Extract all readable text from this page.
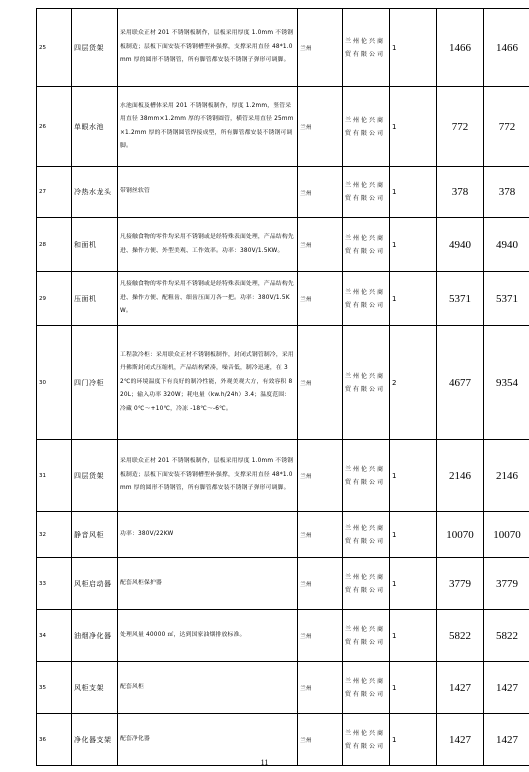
25	四层货架	采用联众正材 201 不锈钢板制作，层板采用厚度 1.0mm 不锈钢板制造；层板下面安装不锈钢槽型补强撑，支撑采用直径 48*1.0mm 厚的圆形不锈钢管，所有脚管都安装不锈钢子弹形可调脚。	兰州	兰州伦兴商贸有限公司	1	1466	1466
26	单眼水池	水池面板及槽体采用 201 不锈钢板制作，厚度 1.2mm，竖管采用直径 38mm×1.2mm 厚的不锈钢圆管，横管采用直径 25mm×1.2mm 厚的不锈钢圆管焊接成型，所有脚管都安装不锈钢可调脚。	兰州	兰州伦兴商贸有限公司	1	772	772
27	冷热水龙头	带钢丝软管	兰州	兰州伦兴商贸有限公司	1	378	378
28	和面机	凡接触食物的零件均采用不锈钢或是经特殊表面处理，产品结构先进、操作方便、外型美观、工作效率。功率：380V/1.5KW。	兰州	兰州伦兴商贸有限公司	1	4940	4940
29	压面机	凡接触食物的零件均采用不锈钢或是经特殊表面处理，产品结构先进、操作方便、配粗齿、细齿压面刀各一把。功率：380V/1.5KW。	兰州	兰州伦兴商贸有限公司	1	5371	5371
30	四门冷柜	工程款冷柜：采用联众正材不锈钢板制作，封闭式钢管制冷，采用丹佛斯封闭式压缩机，产品结构紧凑，噪音低，制冷迅速，在 32℃的环境温度下有良好的制冷性能，外观美观大方，有效容积 820L；输入功率 320W；耗电量（kw.h/24h）3.4；温度范围：冷藏 0℃～+10℃，冷冻 -18℃～-6℃。	兰州	兰州伦兴商贸有限公司	2	4677	9354
31	四层货架	采用联众正材 201 不锈钢板制作，层板采用厚度 1.0mm 不锈钢板制造；层板下面安装不锈钢槽型补强撑，支撑采用直径 48*1.0mm 厚的圆形不锈钢管，所有脚管都安装不锈钢子弹形可调脚。	兰州	兰州伦兴商贸有限公司	1	2146	2146
32	静音风柜	功率：380V/22KW	兰州	兰州伦兴商贸有限公司	1	10070	10070
33	风柜启动器	配套风柜保护器	兰州	兰州伦兴商贸有限公司	1	3779	3779
34	油烟净化器	处理风量 40000 ㎡，达到国家油烟排放标准。	兰州	兰州伦兴商贸有限公司	1	5822	5822
35	风柜支架	配套风柜	兰州	兰州伦兴商贸有限公司	1	1427	1427
36	净化器支架	配套净化器	兰州	兰州伦兴商贸有限公司	1	1427	1427
11
